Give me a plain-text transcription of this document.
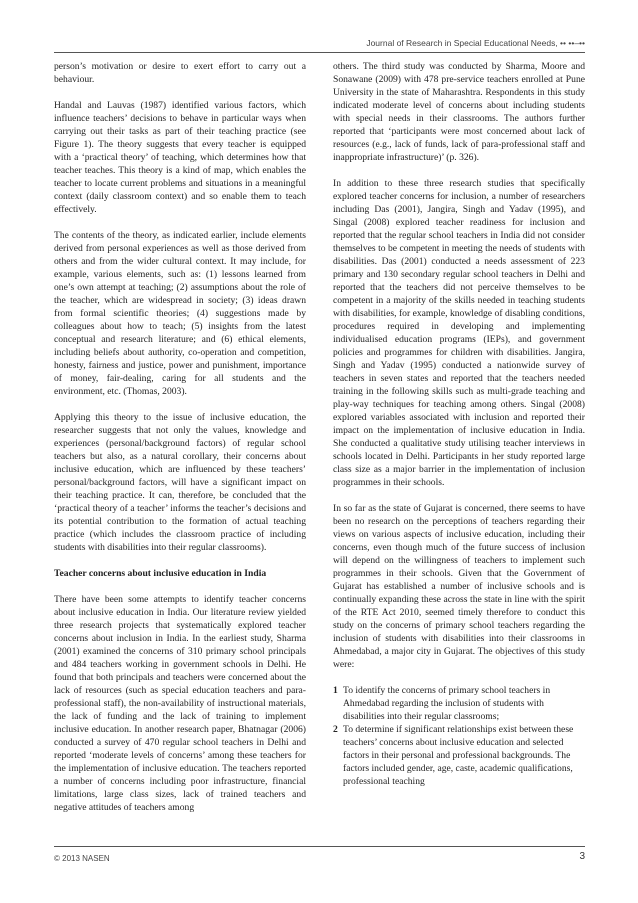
Journal of Research in Special Educational Needs, •• ••–••

person’s motivation or desire to exert effort to carry out a behaviour.

Handal and Lauvas (1987) identified various factors, which influence teachers’ decisions to behave in particular ways when carrying out their tasks as part of their teaching practice (see Figure 1). The theory suggests that every teacher is equipped with a ‘practical theory’ of teaching, which determines how that teacher teaches. This theory is a kind of map, which enables the teacher to locate current problems and situations in a meaningful context (daily classroom context) and so enable them to teach effectively.

The contents of the theory, as indicated earlier, include elements derived from personal experiences as well as those derived from others and from the wider cultural context. It may include, for example, various elements, such as: (1) lessons learned from one’s own attempt at teaching; (2) assumptions about the role of the teacher, which are widespread in society; (3) ideas drawn from formal scientific theories; (4) suggestions made by colleagues about how to teach; (5) insights from the latest conceptual and research literature; and (6) ethical elements, including beliefs about authority, co-operation and competition, honesty, fairness and justice, power and punishment, importance of money, fair-dealing, caring for all students and the environment, etc. (Thomas, 2003).

Applying this theory to the issue of inclusive education, the researcher suggests that not only the values, knowledge and experiences (personal/background factors) of regular school teachers but also, as a natural corollary, their concerns about inclusive education, which are influenced by these teachers’ personal/background factors, will have a significant impact on their teaching practice. It can, therefore, be concluded that the ‘practical theory of a teacher’ informs the teacher’s decisions and its potential contribution to the formation of actual teaching practice (which includes the classroom practice of including students with disabilities into their regular classrooms).

Teacher concerns about inclusive education in India

There have been some attempts to identify teacher concerns about inclusive education in India. Our literature review yielded three research projects that systematically explored teacher concerns about inclusion in India. In the earliest study, Sharma (2001) examined the concerns of 310 primary school principals and 484 teachers working in government schools in Delhi. He found that both principals and teachers were concerned about the lack of resources (such as special education teachers and para-professional staff), the non-availability of instructional materials, the lack of funding and the lack of training to implement inclusive education. In another research paper, Bhatnagar (2006) conducted a survey of 470 regular school teachers in Delhi and reported ‘moderate levels of concerns’ among these teachers for the implementation of inclusive education. The teachers reported a number of concerns including poor infrastructure, financial limitations, large class sizes, lack of trained teachers and negative attitudes of teachers among

others. The third study was conducted by Sharma, Moore and Sonawane (2009) with 478 pre-service teachers enrolled at Pune University in the state of Maharashtra. Respondents in this study indicated moderate level of concerns about including students with special needs in their classrooms. The authors further reported that ‘participants were most concerned about lack of resources (e.g., lack of funds, lack of para-professional staff and inappropriate infrastructure)’ (p. 326).

In addition to these three research studies that specifically explored teacher concerns for inclusion, a number of researchers including Das (2001), Jangira, Singh and Yadav (1995), and Singal (2008) explored teacher readiness for inclusion and reported that the regular school teachers in India did not consider themselves to be competent in meeting the needs of students with disabilities. Das (2001) conducted a needs assessment of 223 primary and 130 secondary regular school teachers in Delhi and reported that the teachers did not perceive themselves to be competent in a majority of the skills needed in teaching students with disabilities, for example, knowledge of disabling conditions, procedures required in developing and implementing individualised education programs (IEPs), and government policies and programmes for children with disabilities. Jangira, Singh and Yadav (1995) conducted a nationwide survey of teachers in seven states and reported that the teachers needed training in the following skills such as multi-grade teaching and play-way techniques for teaching among others. Singal (2008) explored variables associated with inclusion and reported their impact on the implementation of inclusive education in India. She conducted a qualitative study utilising teacher interviews in schools located in Delhi. Participants in her study reported large class size as a major barrier in the implementation of inclusion programmes in their schools.

In so far as the state of Gujarat is concerned, there seems to have been no research on the perceptions of teachers regarding their views on various aspects of inclusive education, including their concerns, even though much of the future success of inclusion will depend on the willingness of teachers to implement such programmes in their schools. Given that the Government of Gujarat has established a number of inclusive schools and is continually expanding these across the state in line with the spirit of the RTE Act 2010, seemed timely therefore to conduct this study on the concerns of primary school teachers regarding the inclusion of students with disabilities into their classrooms in Ahmedabad, a major city in Gujarat. The objectives of this study were:

1 To identify the concerns of primary school teachers in Ahmedabad regarding the inclusion of students with disabilities into their regular classrooms;
2 To determine if significant relationships exist between these teachers’ concerns about inclusive education and selected factors in their personal and professional backgrounds. The factors included gender, age, caste, academic qualifications, professional teaching
© 2013 NASEN	3
